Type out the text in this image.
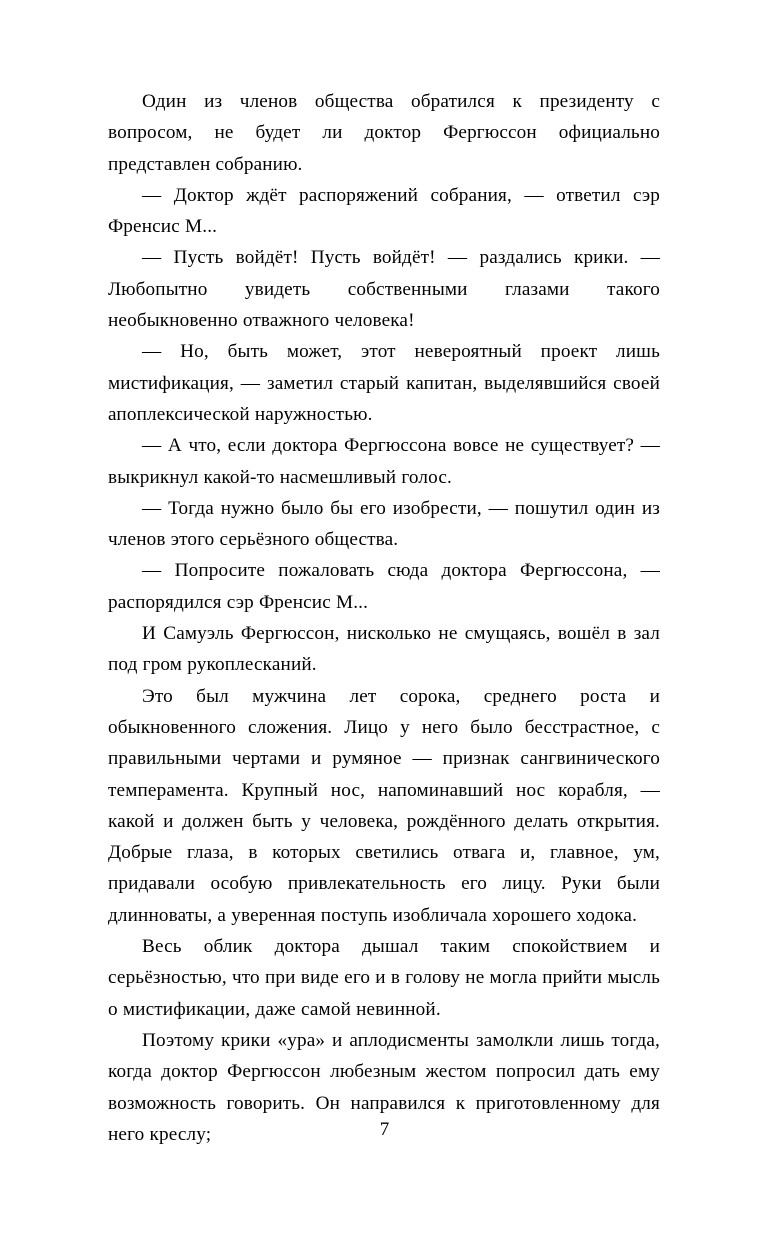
Один из членов общества обратился к президенту с вопросом, не будет ли доктор Фергюссон официально представлен собранию.

— Доктор ждёт распоряжений собрания, — ответил сэр Френсис М...

— Пусть войдёт! Пусть войдёт! — раздались крики. — Любопытно увидеть собственными глазами такого необыкновенно отважного человека!

— Но, быть может, этот невероятный проект лишь мистификация, — заметил старый капитан, выделявшийся своей апоплексической наружностью.

— А что, если доктора Фергюссона вовсе не существует? — выкрикнул какой-то насмешливый голос.

— Тогда нужно было бы его изобрести, — пошутил один из членов этого серьёзного общества.

— Попросите пожаловать сюда доктора Фергюссона, — распорядился сэр Френсис М...

И Самуэль Фергюссон, нисколько не смущаясь, вошёл в зал под гром рукоплесканий.

Это был мужчина лет сорока, среднего роста и обыкновенного сложения. Лицо у него было бесстрастное, с правильными чертами и румяное — признак сангвинического темперамента. Крупный нос, напоминавший нос корабля, — какой и должен быть у человека, рождённого делать открытия. Добрые глаза, в которых светились отвага и, главное, ум, придавали особую привлекательность его лицу. Руки были длинноваты, а уверенная поступь изобличала хорошего ходока.

Весь облик доктора дышал таким спокойствием и серьёзностью, что при виде его и в голову не могла прийти мысль о мистификации, даже самой невинной.

Поэтому крики «ура» и аплодисменты замолкли лишь тогда, когда доктор Фергюссон любезным жестом попросил дать ему возможность говорить. Он направился к приготовленному для него креслу;	7
